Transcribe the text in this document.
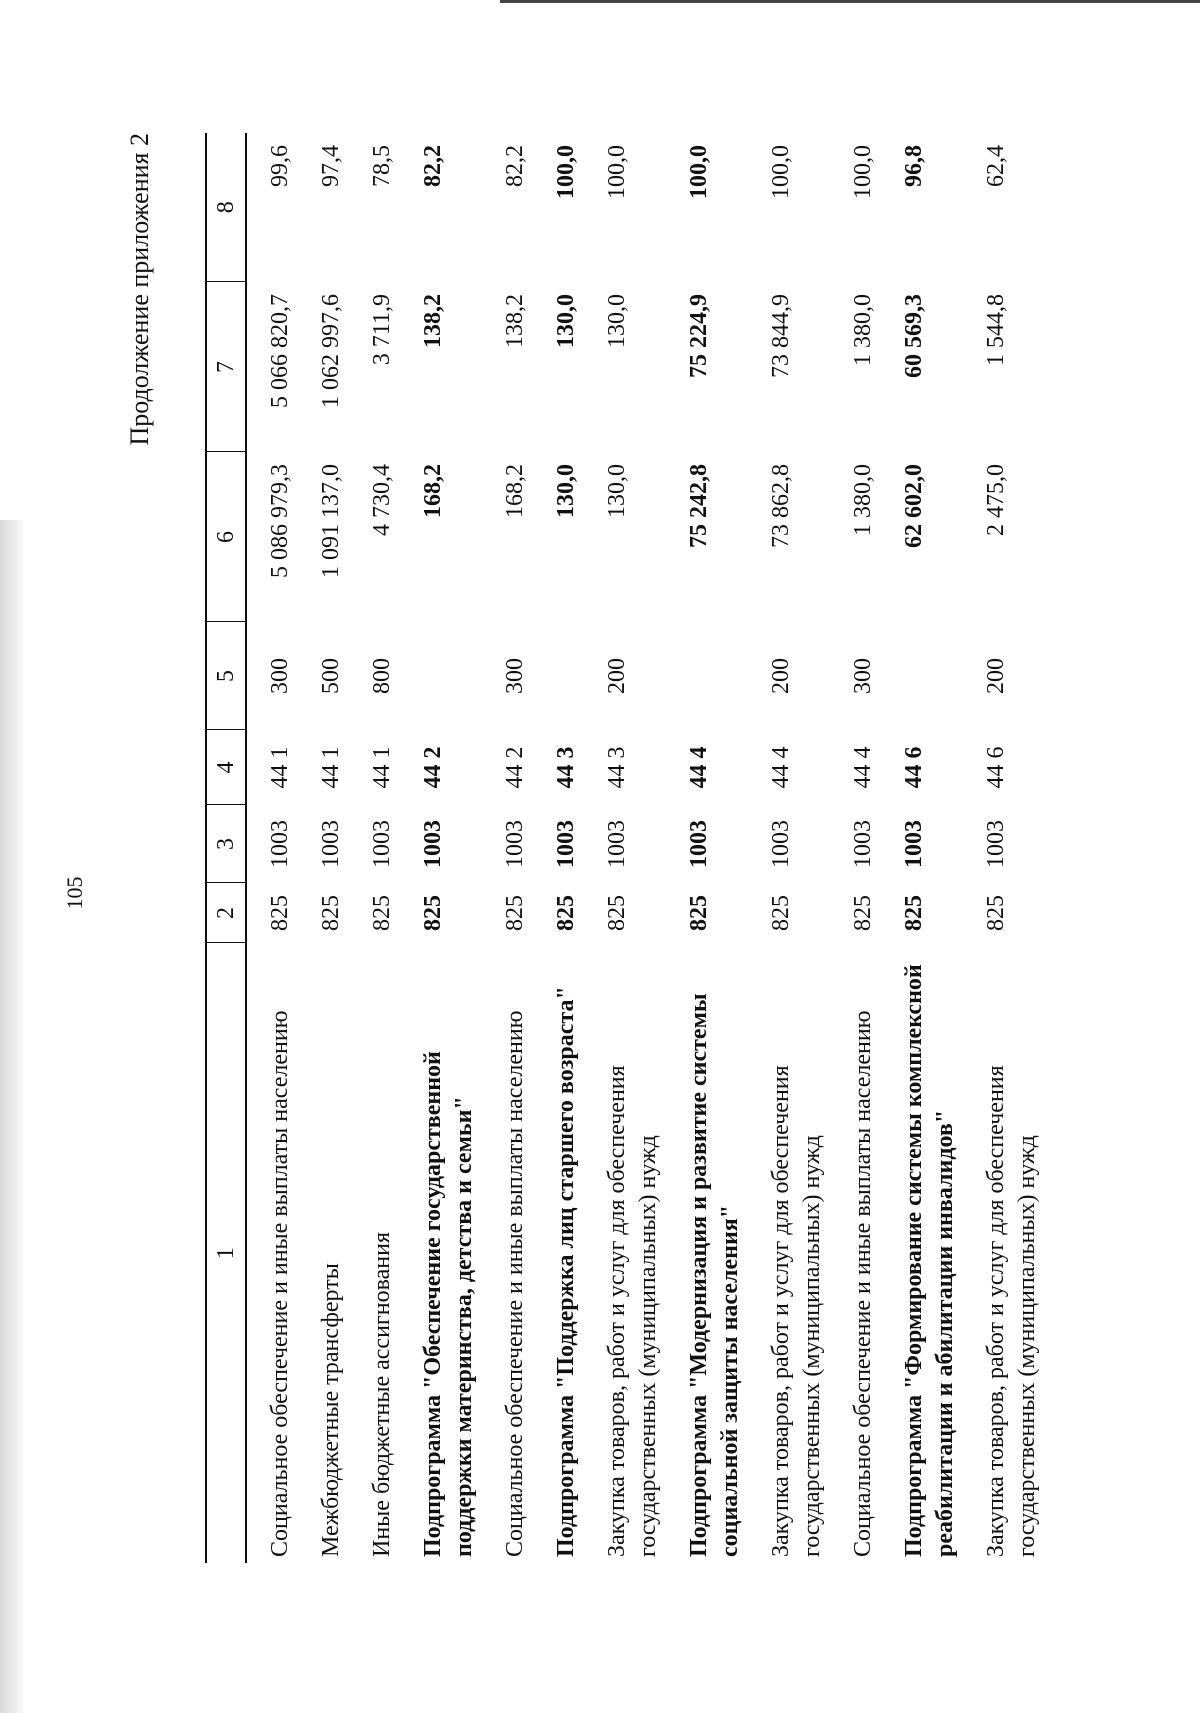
105
Продолжение приложения 2
1	2	3	4	5	6	7	8
Социальное обеспечение и иные выплаты населению	825	1003	44 1	300	5 086 979,3	5 066 820,7	99,6
Межбюджетные трансферты	825	1003	44 1	500	1 091 137,0	1 062 997,6	97,4
Иные бюджетные ассигнования	825	1003	44 1	800	4 730,4	3 711,9	78,5
Подпрограмма "Обеспечение государственной поддержки материнства, детства и семьи"	825	1003	44 2		168,2	138,2	82,2
Социальное обеспечение и иные выплаты населению	825	1003	44 2	300	168,2	138,2	82,2
Подпрограмма "Поддержка лиц старшего возраста"	825	1003	44 3		130,0	130,0	100,0
Закупка товаров, работ и услуг для обеспечения государственных (муниципальных) нужд	825	1003	44 3	200	130,0	130,0	100,0
Подпрограмма "Модернизация и развитие системы социальной защиты населения"	825	1003	44 4		75 242,8	75 224,9	100,0
Закупка товаров, работ и услуг для обеспечения государственных (муниципальных) нужд	825	1003	44 4	200	73 862,8	73 844,9	100,0
Социальное обеспечение и иные выплаты населению	825	1003	44 4	300	1 380,0	1 380,0	100,0
Подпрограмма "Формирование системы комплексной реабилитации и абилитации инвалидов"	825	1003	44 6		62 602,0	60 569,3	96,8
Закупка товаров, работ и услуг для обеспечения государственных (муниципальных) нужд	825	1003	44 6	200	2 475,0	1 544,8	62,4
